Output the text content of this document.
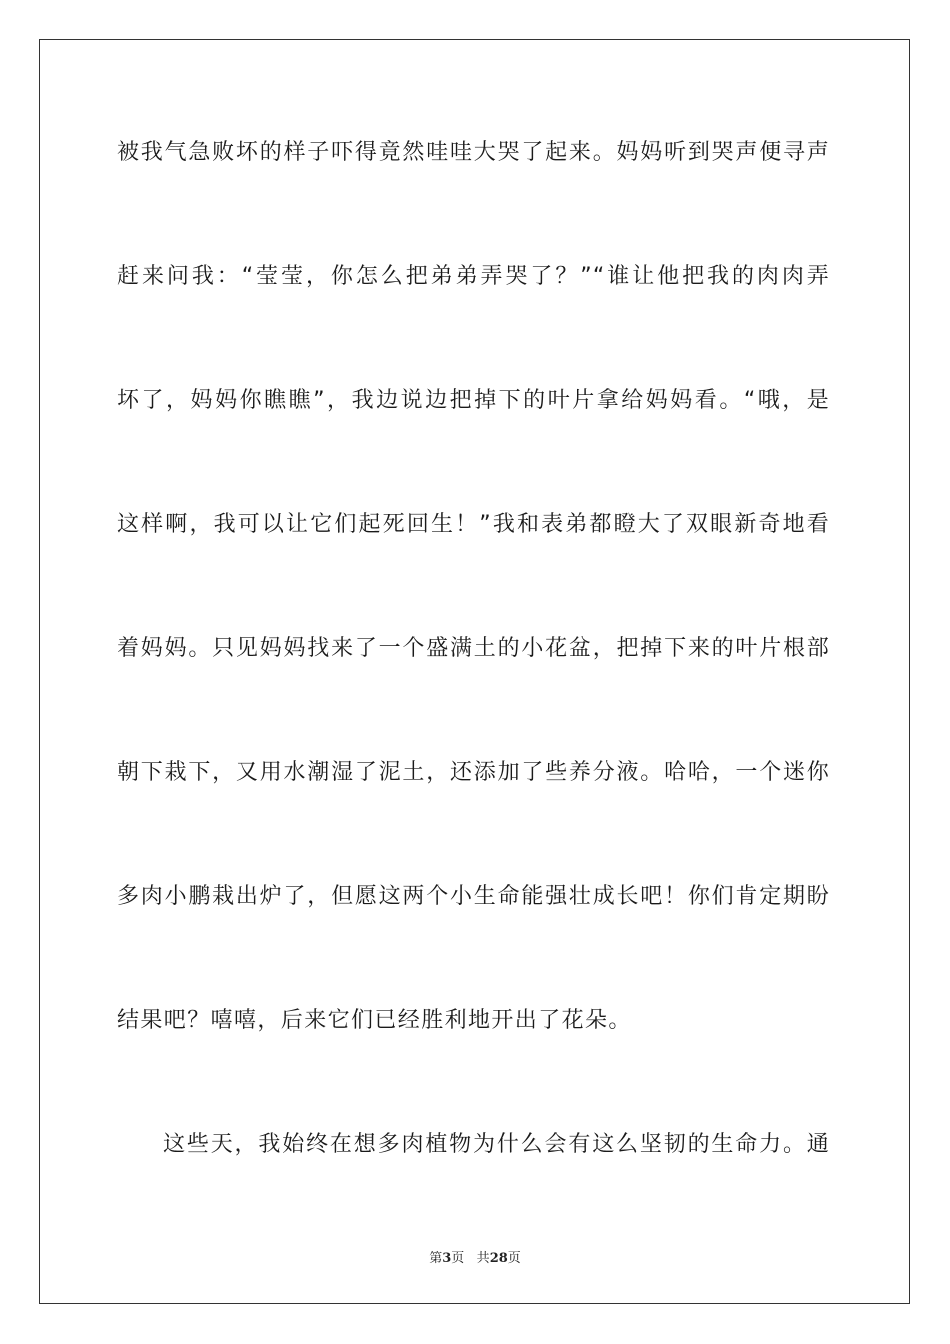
被我气急败坏的样子吓得竟然哇哇大哭了起来。妈妈听到哭声便寻声
赶来问我：“莹莹，你怎么把弟弟弄哭了？”“谁让他把我的肉肉弄
坏了，妈妈你瞧瞧”，我边说边把掉下的叶片拿给妈妈看。“哦，是
这样啊，我可以让它们起死回生！”我和表弟都瞪大了双眼新奇地看
着妈妈。只见妈妈找来了一个盛满土的小花盆，把掉下来的叶片根部
朝下栽下，又用水潮湿了泥土，还添加了些养分液。哈哈，一个迷你
多肉小鹏栽出炉了，但愿这两个小生命能强壮成长吧！你们肯定期盼
结果吧？嘻嘻，后来它们已经胜利地开出了花朵。
这些天，我始终在想多肉植物为什么会有这么坚韧的生命力。通
第3页 共28页
